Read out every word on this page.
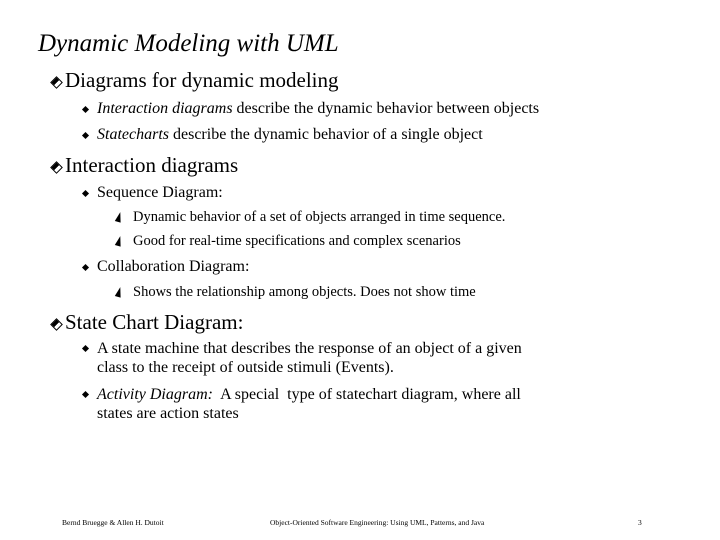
Dynamic Modeling with UML
Diagrams for dynamic modeling
Interaction diagrams describe the dynamic behavior between objects
Statecharts describe the dynamic behavior of a single object
Interaction diagrams
Sequence Diagram:
Dynamic behavior of a set of objects arranged in time sequence.
Good for real-time specifications and complex scenarios
Collaboration Diagram:
Shows the relationship among objects. Does not show time
State Chart Diagram:
A state machine that describes the response of an object of a given
class to the receipt of outside stimuli (Events).
Activity Diagram:  A special  type of statechart diagram, where all
states are action states
Bernd Bruegge & Allen H. Dutoit	Object-Oriented Software Engineering: Using UML, Patterns, and Java	3
